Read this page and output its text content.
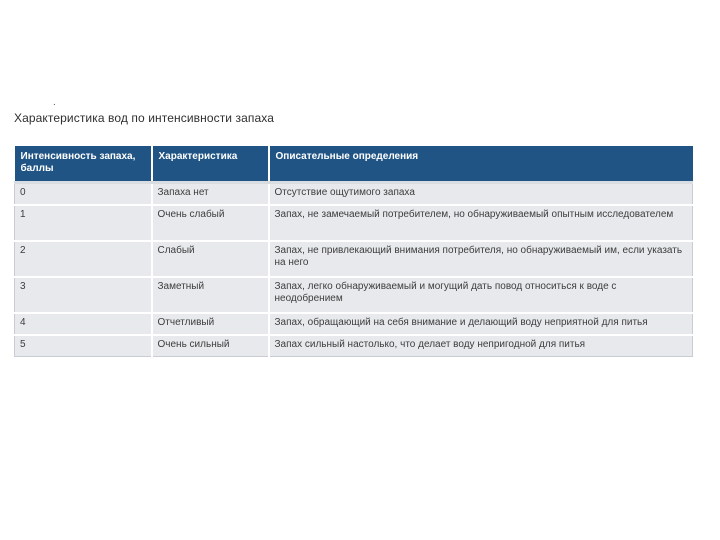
.
Характеристика вод по интенсивности запаха
Интенсивность запаха, баллы	Характеристика	Описательные определения
0	Запаха нет	Отсутствие ощутимого запаха
1	Очень слабый	Запах, не замечаемый потребителем, но обнаруживаемый опытным исследователем
2	Слабый	Запах, не привлекающий внимания потребителя, но обнаруживаемый им, если указать на него
3	Заметный	Запах, легко обнаруживаемый и могущий дать повод относиться к воде с неодобрением
4	Отчетливый	Запах, обращающий на себя внимание и делающий воду неприятной для питья
5	Очень сильный	Запах сильный настолько, что делает воду непригодной для питья
